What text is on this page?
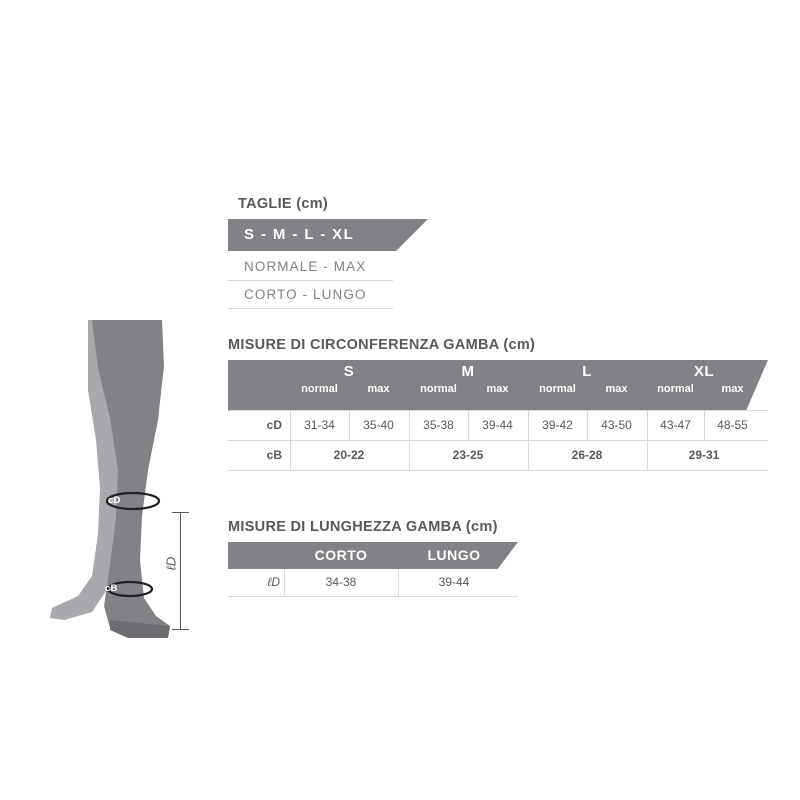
cD
cB
ℓD
TAGLIE (cm)
S - M - L - XL
NORMALE - MAX
CORTO - LUNGO
MISURE DI CIRCONFERENZA GAMBA (cm)
S
normal	max
M
normal	max
L
normal	max
XL
normal	max
cD	31-34	35-40	35-38	39-44	39-42	43-50	43-47	48-55
cB	20-22	23-25	26-28	29-31
MISURE DI LUNGHEZZA GAMBA (cm)
CORTO	LUNGO
ℓD	34-38	39-44
